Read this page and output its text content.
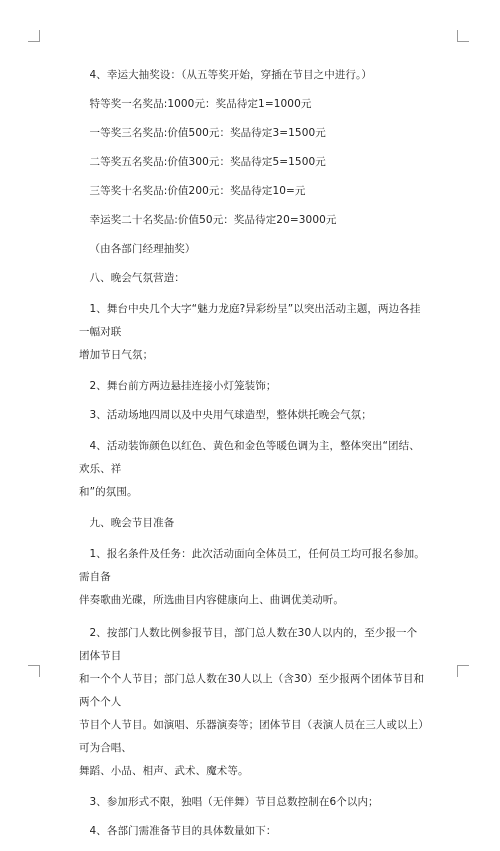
4、幸运大抽奖设：（从五等奖开始，穿插在节目之中进行。）
特等奖一名奖品:1000元：奖品待定1=1000元
一等奖三名奖品:价值500元：奖品待定3=1500元
二等奖五名奖品:价值300元：奖品待定5=1500元
三等奖十名奖品:价值200元：奖品待定10=元
幸运奖二十名奖品:价值50元：奖品待定20=3000元
（由各部门经理抽奖）
八、晚会气氛营造：
1、舞台中央几个大字“魅力龙庭?异彩纷呈”以突出活动主题，两边各挂一幅对联
增加节日气氛；
2、舞台前方两边悬挂连接小灯笼装饰；
3、活动场地四周以及中央用气球造型，整体烘托晚会气氛；
4、活动装饰颜色以红色、黄色和金色等暖色调为主，整体突出“团结、欢乐、祥
和”的氛围。
九、晚会节目准备
1、报名条件及任务：此次活动面向全体员工，任何员工均可报名参加。需自备
伴奏歌曲光碟，所选曲目内容健康向上、曲调优美动听。
2、按部门人数比例参报节目，部门总人数在30人以内的，至少报一个团体节目
和一个个人节目；部门总人数在30人以上（含30）至少报两个团体节目和两个个人
节目个人节目。如演唱、乐器演奏等；团体节目（表演人员在三人或以上）可为合唱、
舞蹈、小品、相声、武术、魔术等。
3、参加形式不限，独唱（无伴舞）节目总数控制在6个以内；
4、各部门需准备节目的具体数量如下：
